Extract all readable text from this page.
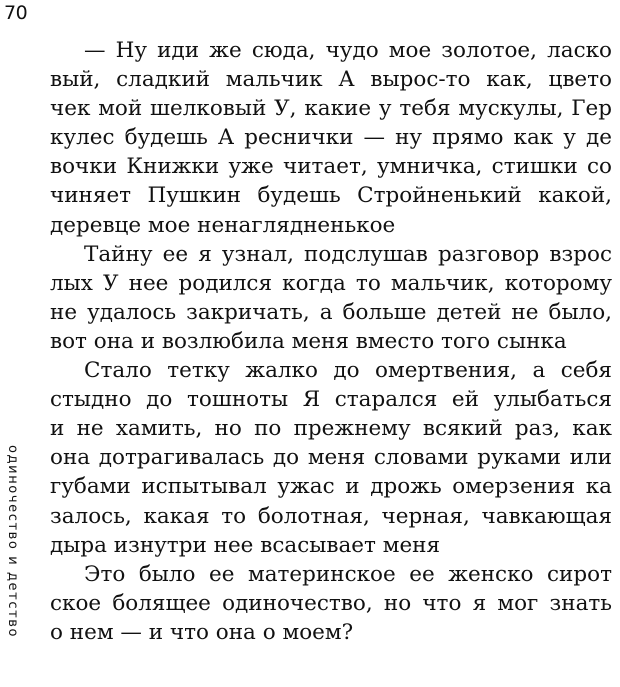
70
одиночество и детство
— Ну иди же сюда, чудо мое золотое, ласко
вый, сладкий мальчик А вырос-то как, цвето
чек мой шелковый У, какие у тебя мускулы, Гер
кулес будешь А реснички — ну прямо как у де
вочки Книжки уже читает, умничка, стишки со
чиняет Пушкин будешь Стройненький какой,
деревце мое ненаглядненькое
Тайну ее я узнал, подслушав разговор взрос
лых У нее родился когда то мальчик, которому
не удалось закричать, а больше детей не было,
вот она и возлюбила меня вместо того сынка
Стало тетку жалко до омертвения, а себя
стыдно до тошноты Я старался ей улыбаться
и не хамить, но по прежнему всякий раз, как
она дотрагивалась до меня словами руками или
губами испытывал ужас и дрожь омерзения ка
залось, какая то болотная, черная, чавкающая
дыра изнутри нее всасывает меня
Это было ее материнское ее женско сирот
ское болящее одиночество, но что я мог знать
о нем — и что она о моем?
